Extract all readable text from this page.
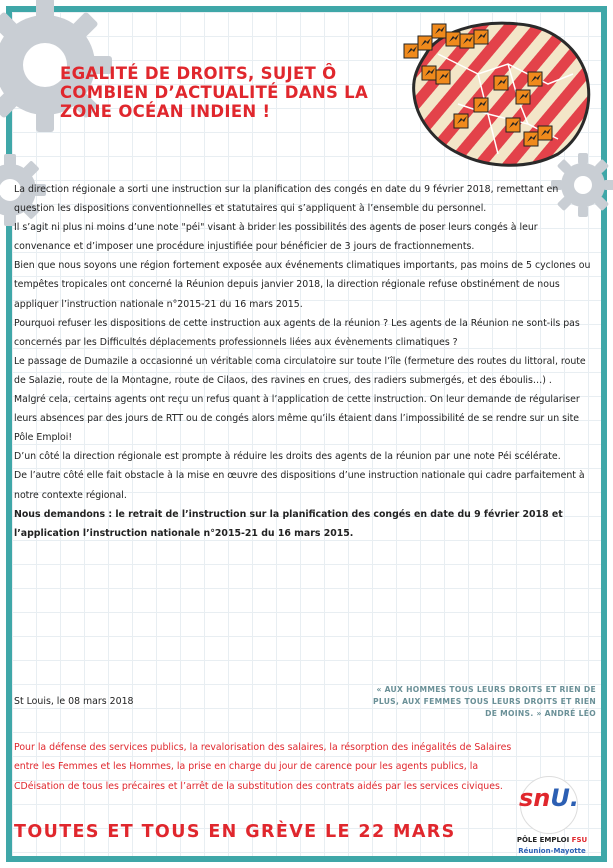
EGALITÉ DE DROITS, SUJET Ô COMBIEN D’ACTUALITÉ DANS LA ZONE OCÉAN INDIEN !

La direction régionale a sorti une instruction sur la planification des congés en date du 9 février 2018, remettant en question les dispositions conventionnelles et statutaires qui s’appliquent à l’ensemble du personnel.

Il s’agit ni plus ni moins d’une note "péi" visant à brider les possibilités des agents de poser leurs congés à leur convenance et d’imposer une procédure injustifiée pour bénéficier de 3 jours de fractionnements.

Bien que nous soyons une région fortement exposée aux événements climatiques importants, pas moins de 5 cyclones ou tempêtes tropicales ont concerné la Réunion depuis janvier 2018, la direction régionale refuse obstinément de nous appliquer l’instruction nationale n°2015-21 du 16 mars 2015.

Pourquoi refuser les dispositions de cette instruction aux agents de la réunion ? Les agents de la Réunion ne sont-ils pas concernés par les Difficultés déplacements professionnels liées aux évènements climatiques ?

Le passage de Dumazile a occasionné un véritable coma circulatoire sur toute l’île (fermeture des routes du littoral, route de Salazie, route de la Montagne, route de Cilaos, des ravines en crues, des radiers submergés, et des éboulis…) .

Malgré cela, certains agents ont reçu un refus quant à l’application de cette instruction. On leur demande de régulariser leurs absences par des jours de RTT ou de congés alors même qu’ils étaient dans l’impossibilité de se rendre sur un site Pôle Emploi!

D’un côté la direction régionale est prompte à réduire les droits des agents de la réunion par une note Péi scélérate.

De l’autre côté elle fait obstacle à la mise en œuvre des dispositions d’une instruction nationale qui cadre parfaitement à notre contexte régional.

Nous demandons : le retrait de l’instruction sur la planification des congés en date du 9 février 2018 et l’application l’instruction nationale n°2015-21 du 16 mars 2015.

St Louis, le 08 mars 2018
« AUX HOMMES TOUS LEURS DROITS ET RIEN DE PLUS, AUX FEMMES TOUS LEURS DROITS ET RIEN DE MOINS. » ANDRÉ LÉO
Pour la défense des services publics, la revalorisation des salaires, la résorption des inégalités de Salaires entre les Femmes et les Hommes, la prise en charge du jour de carence pour les agents publics, la CDéisation de tous les précaires et l’arrêt de la substitution des contrats aidés par les services civiques.
TOUTES ET TOUS EN GRÈVE LE 22 MARS
snU.
PÔLE EMPLOI FSU
Réunion-Mayotte
